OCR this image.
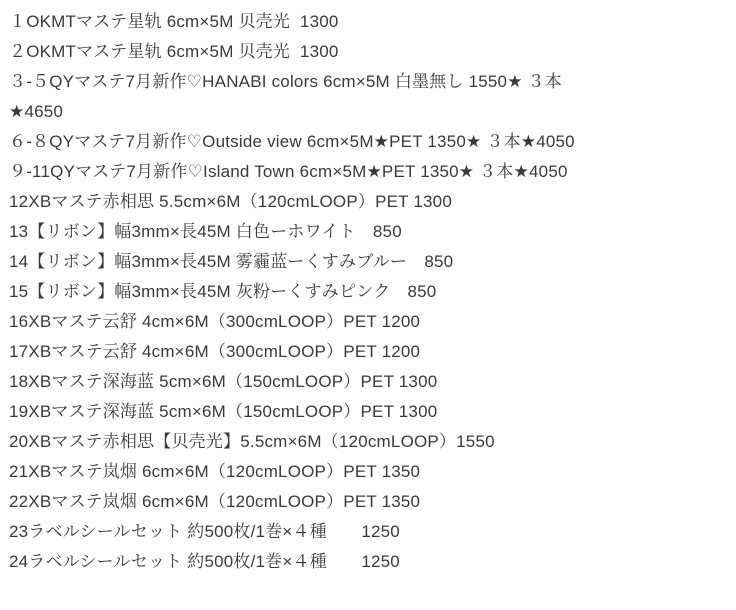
１OKMTマステ星轨 6cm×5M 贝壳光  1300
２OKMTマステ星轨 6cm×5M 贝壳光  1300
３-５QYマステ7月新作♡HANABI colors 6cm×5M 白墨無し 1550★ ３本
★4650
６-８QYマステ7月新作♡Outside view 6cm×5M★PET 1350★ ３本★4050
９-11QYマステ7月新作♡Island Town 6cm×5M★PET 1350★ ３本★4050
12XBマステ赤相思 5.5cm×6M（120cmLOOP）PET 1300
13【リボン】幅3mm×長45M 白色ーホワイト　850
14【リボン】幅3mm×長45M 雾霾蓝ーくすみブルー　850
15【リボン】幅3mm×長45M 灰粉ーくすみピンク　850
16XBマステ云舒 4cm×6M（300cmLOOP）PET 1200
17XBマステ云舒 4cm×6M（300cmLOOP）PET 1200
18XBマステ深海蓝 5cm×6M（150cmLOOP）PET 1300
19XBマステ深海蓝 5cm×6M（150cmLOOP）PET 1300
20XBマステ赤相思【贝壳光】5.5cm×6M（120cmLOOP）1550
21XBマステ岚烟 6cm×6M（120cmLOOP）PET 1350
22XBマステ岚烟 6cm×6M（120cmLOOP）PET 1350
23ラベルシールセット 約500枚/1巻×４種　　1250
24ラベルシールセット 約500枚/1巻×４種　　1250
